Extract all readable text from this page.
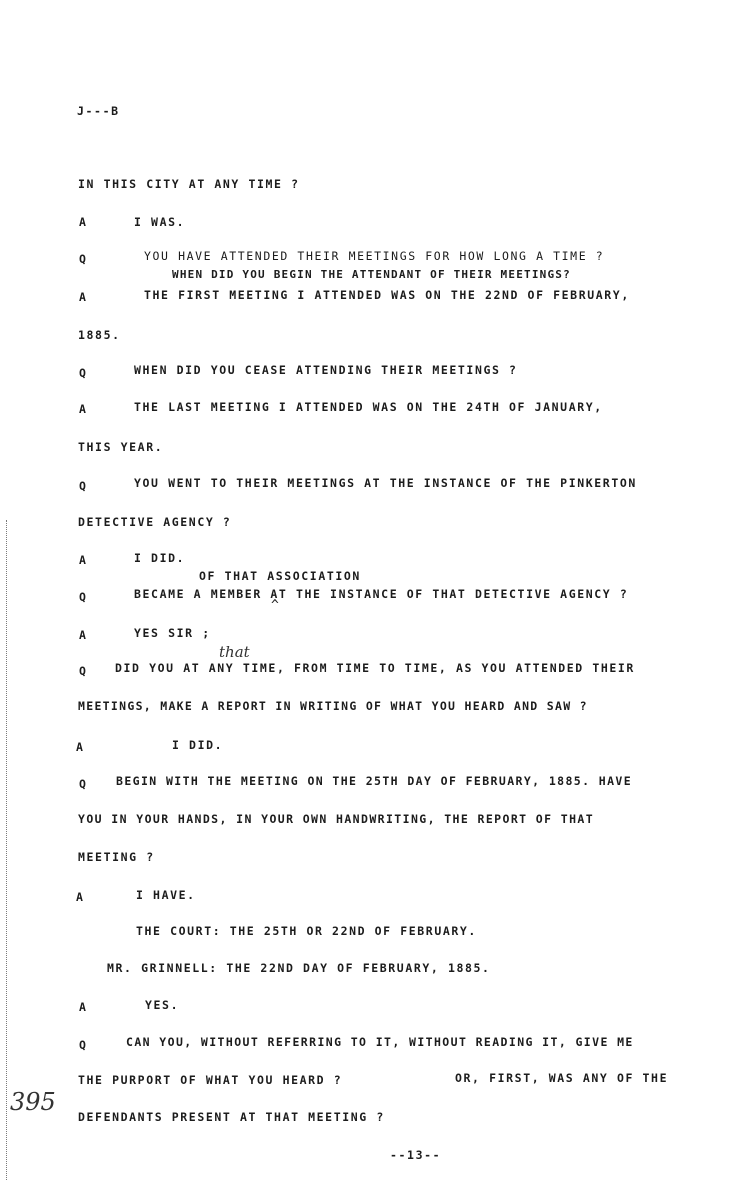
J---B
IN THIS CITY AT ANY TIME ?
A	I WAS.
Q	YOU HAVE ATTENDED THEIR MEETINGS FOR HOW LONG A TIME ?
WHEN DID YOU BEGIN THE ATTENDANT OF THEIR MEETINGS?
A	THE FIRST MEETING I ATTENDED WAS ON THE 22ND OF FEBRUARY,
1885.
Q	WHEN DID YOU CEASE ATTENDING THEIR MEETINGS ?
A	THE LAST MEETING I ATTENDED WAS ON THE 24TH OF JANUARY,
THIS YEAR.
Q	YOU WENT TO THEIR MEETINGS AT THE INSTANCE OF THE PINKERTON
DETECTIVE AGENCY ?
A	I DID.
OF THAT ASSOCIATION
Q	BECAME A MEMBER AT THE INSTANCE OF THAT DETECTIVE AGENCY ?
^
A	YES SIR ;
that
Q DID YOU AT ANY TIME, FROM TIME TO TIME, AS YOU ATTENDED THEIR
MEETINGS, MAKE A REPORT IN WRITING OF WHAT YOU HEARD AND SAW ?
A	I DID.
Q BEGIN WITH THE MEETING ON THE 25TH DAY OF FEBRUARY, 1885. HAVE
YOU IN YOUR HANDS, IN YOUR OWN HANDWRITING, THE REPORT OF THAT
MEETING ?
A	I HAVE.
THE COURT: THE 25TH OR 22ND OF FEBRUARY.
MR. GRINNELL: THE 22ND DAY OF FEBRUARY, 1885.
A	YES.
Q	CAN YOU, WITHOUT REFERRING TO IT, WITHOUT READING IT, GIVE ME
THE PURPORT OF WHAT YOU HEARD ?	OR, FIRST, WAS ANY OF THE
395
DEFENDANTS PRESENT AT THAT MEETING ?
--13--
